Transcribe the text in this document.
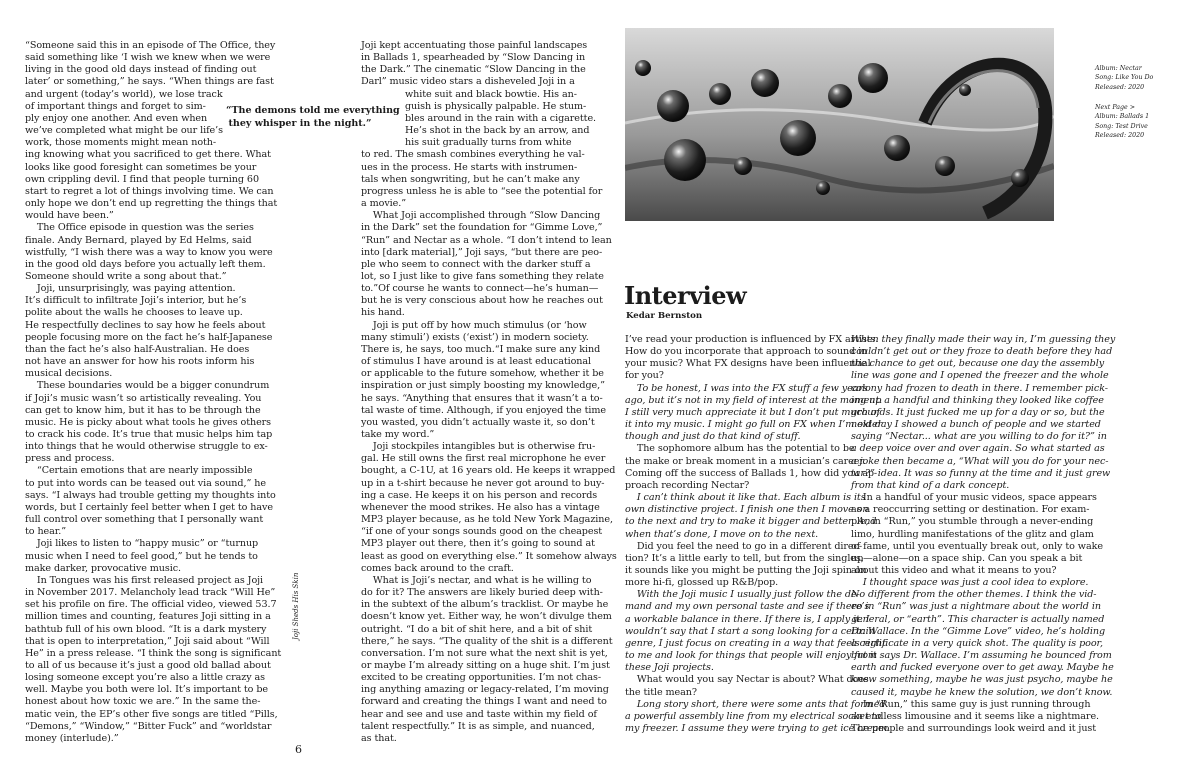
“Someone said this in an episode of The Office, they

said something like ‘I wish we knew when we were

living in the good old days instead of finding out

later’ or something,” he says. “When things are fast

and urgent (today’s world), we lose track

of important things and forget to sim-

ply enjoy one another. And even when

we’ve completed what might be our life’s

work, those moments might mean noth-

ing knowing what you sacrificed to get there. What

looks like good foresight can sometimes be your

own crippling devil. I find that people turning 60

start to regret a lot of things involving time. We can

only hope we don’t end up regretting the things that

would have been.”

The Office episode in question was the series

finale. Andy Bernard, played by Ed Helms, said

wistfully, “I wish there was a way to know you were

in the good old days before you actually left them.

Someone should write a song about that.”

Joji, unsurprisingly, was paying attention.

It’s difficult to infiltrate Joji’s interior, but he’s

polite about the walls he chooses to leave up.

He respectfully declines to say how he feels about

people focusing more on the fact he’s half-Japanese

than the fact he’s also half-Australian. He does

not have an answer for how his roots inform his

musical decisions.

These boundaries would be a bigger conundrum

if Joji’s music wasn’t so artistically revealing. You

can get to know him, but it has to be through the

music. He is picky about what tools he gives others

to crack his code. It’s true that music helps him tap

into things that he would otherwise struggle to ex-

press and process.

“Certain emotions that are nearly impossible

to put into words can be teased out via sound,” he

says. “I always had trouble getting my thoughts into

words, but I certainly feel better when I get to have

full control over something that I personally want

to hear.”

Joji likes to listen to “happy music” or “turnup

music when I need to feel good,” but he tends to

make darker, provocative music.

In Tongues was his first released project as Joji

in November 2017. Melancholy lead track “Will He”

set his profile on fire. The official video, viewed 53.7

million times and counting, features Joji sitting in a

bathtub full of his own blood. “It is a dark mystery

that is open to interpretation,” Joji said about “Will

He” in a press release. “I think the song is significant

to all of us because it’s just a good old ballad about

losing someone except you’re also a little crazy as

well. Maybe you both were lol. It’s important to be

honest about how toxic we are.” In the same the-

matic vein, the EP’s other five songs are titled “Pills,

“Demons,” “Window,” “Bitter Fuck” and “worldstar

money (interlude).”

“The demons told me everything

they whisper in the night.”

Joji kept accentuating those painful landscapes

in Ballads 1, spearheaded by “Slow Dancing in

the Dark.” The cinematic “Slow Dancing in the

Darl” music video stars a disheveled Joji in a

white suit and black bowtie. His an-

guish is physically palpable. He stum-

bles around in the rain with a cigarette.

He’s shot in the back by an arrow, and

his suit gradually turns from white

to red. The smash combines everything he val-

ues in the process. He starts with instrumen-

tals when songwriting, but he can’t make any

progress unless he is able to “see the potential for

a movie.”

What Joji accomplished through “Slow Dancing

in the Dark” set the foundation for “Gimme Love,”

“Run” and Nectar as a whole. “I don’t intend to lean

into [dark material],” Joji says, “but there are peo-

ple who seem to connect with the darker stuff a

lot, so I just like to give fans something they relate

to.”Of course he wants to connect—he’s human—

but he is very conscious about how he reaches out

his hand.

Joji is put off by how much stimulus (or ‘how

many stimuli’) exists (‘exist’) in modern society.

There is, he says, too much.“I make sure any kind

of stimulus I have around is at least educational

or applicable to the future somehow, whether it be

inspiration or just simply boosting my knowledge,”

he says. “Anything that ensures that it wasn’t a to-

tal waste of time. Although, if you enjoyed the time

you wasted, you didn’t actually waste it, so don’t

take my word.”

Joji stockpiles intangibles but is otherwise fru-

gal. He still owns the first real microphone he ever

bought, a C-1U, at 16 years old. He keeps it wrapped

up in a t-shirt because he never got around to buy-

ing a case. He keeps it on his person and records

whenever the mood strikes. He also has a vintage

MP3 player because, as he told New York Magazine,

“if one of your songs sounds good on the cheapest

MP3 player out there, then it’s going to sound at

least as good on everything else.” It somehow always

comes back around to the craft.

What is Joji’s nectar, and what is he willing to

do for it? The answers are likely buried deep with-

in the subtext of the album’s tracklist. Or maybe he

doesn’t know yet. Either way, he won’t divulge them

outright. “I do a bit of shit here, and a bit of shit

there,” he says. “The quality of the shit is a different

conversation. I’m not sure what the next shit is yet,

or maybe I’m already sitting on a huge shit. I’m just

excited to be creating opportunities. I’m not chas-

ing anything amazing or legacy-related, I’m moving

forward and creating the things I want and need to

hear and see and use and taste within my field of

talent respectfully.” It is as simple, and nuanced,

as that.

Joji Sheds His Skin
6

Album: Nectar

Song: Like You Do

Released: 2020

Next Page >

Album: Ballads 1

Song: Test Drive

Released: 2020

Interview
Kedar Bernston

I’ve read your production is influenced by FX artists.

How do you incorporate that approach to sound in

your music? What FX designs have been influential

for you?

To be honest, I was into the FX stuff a few years

ago, but it’s not in my field of interest at the moment.

I still very much appreciate it but I don’t put much of

it into my music. I might go full on FX when I’m older

though and just do that kind of stuff.

The sophomore album has the potential to be

the make or break moment in a musician’s career.

Coming off the success of Ballads 1, how did you ap-

proach recording Nectar?

I can’t think about it like that. Each album is its

own distinctive project. I finish one then I move on

to the next and try to make it bigger and better. And

when that’s done, I move on to the next.

Did you feel the need to go in a different direc-

tion? It’s a little early to tell, but from the singles,

it sounds like you might be putting the Joji spin on

more hi-fi, glossed up R&B/pop.

With the Joji music I usually just follow the de-

mand and my own personal taste and see if there’s

a workable balance in there. If there is, I apply it. I

wouldn’t say that I start a song looking for a certain

genre, I just focus on creating in a way that feels right

to me and look for things that people will enjoy from

these Joji projects.

What would you say Nectar is about? What does

the title mean?

Long story short, there were some ants that formed

a powerful assembly line from my electrical socket to

my freezer. I assume they were trying to get ice cream.

When they finally made their way in, I’m guessing they

couldn’t get out or they froze to death before they had

the chance to get out, because one day the assembly

line was gone and I opened the freezer and the whole

colony had frozen to death in there. I remember pick-

ing up a handful and thinking they looked like coffee

grounds. It just fucked me up for a day or so, but the

next day I showed a bunch of people and we started

saying “Nectar... what are you willing to do for it?” in

a deep voice over and over again. So what started as

a joke then became a, “What will you do for your nec-

tar?” idea. It was so funny at the time and it just grew

from that kind of a dark concept.

In a handful of your music videos, space appears

as a reoccurring setting or destination. For exam-

ple, in “Run,” you stumble through a never-ending

limo, hurdling manifestations of the glitz and glam

of fame, until you eventually break out, only to wake

up—alone—on a space ship. Can you speak a bit

about this video and what it means to you?

I thought space was just a cool idea to explore.

No different from the other themes. I think the vid-

eo in “Run” was just a nightmare about the world in

general, or “earth”. This character is actually named

Dr. Wallace. In the “Gimme Love” video, he’s holding

a certificate in a very quick shot. The quality is poor,

but it says Dr. Wallace. I’m assuming he bounced from

earth and fucked everyone over to get away. Maybe he

knew something, maybe he was just psycho, maybe he

caused it, maybe he knew the solution, we don’t know.

In “Run,” this same guy is just running through

an endless limousine and it seems like a nightmare.

The people and surroundings look weird and it just
